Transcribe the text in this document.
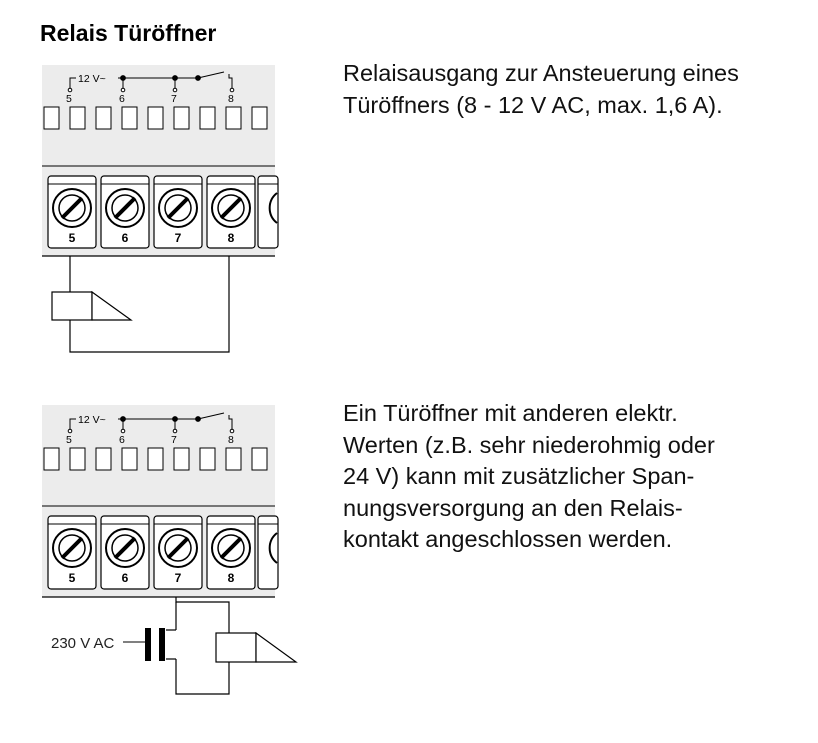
Relais Türöffner

Relaisausgang zur Ansteuerung eines
Türöffners (8 - 12 V AC, max. 1,6 A).

Ein Türöffner mit anderen elektr.
Werten (z.B. sehr niederohmig oder
24 V) kann mit zusätzlicher Span-
nungsversorgung an den Relais-
kontakt angeschlossen werden.

12 V~
5	6	7	8
5	6	7	8
12 V~
5	6	7	8
5	6	7	8
230 V AC
